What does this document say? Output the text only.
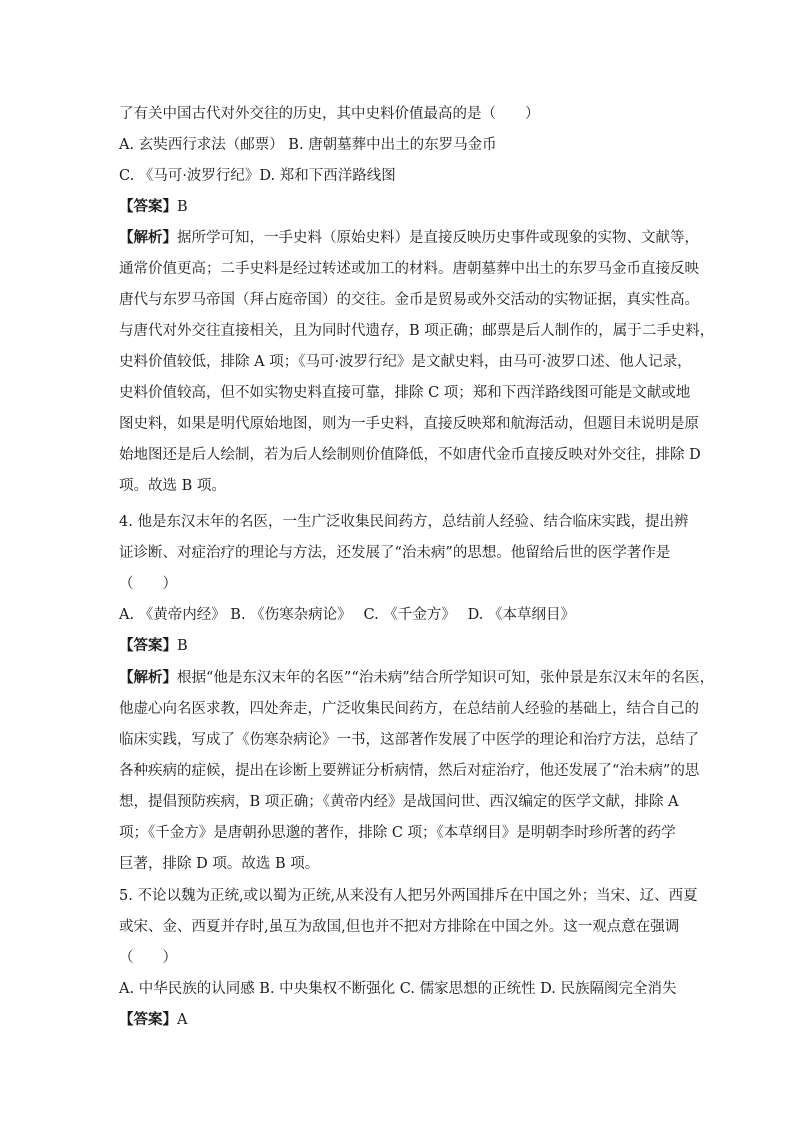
了有关中国古代对外交往的历史，其中史料价值最高的是（　　）
A. 玄奘西行求法（邮票） B. 唐朝墓葬中出土的东罗马金币
C. 《马可·波罗行纪》D. 郑和下西洋路线图
【答案】B
【解析】据所学可知，一手史料（原始史料）是直接反映历史事件或现象的实物、文献等，
通常价值更高；二手史料是经过转述或加工的材料。唐朝墓葬中出土的东罗马金币直接反映
唐代与东罗马帝国（拜占庭帝国）的交往。金币是贸易或外交活动的实物证据，真实性高。
与唐代对外交往直接相关，且为同时代遗存，B 项正确；邮票是后人制作的，属于二手史料，
史料价值较低，排除 A 项；《马可·波罗行纪》是文献史料，由马可·波罗口述、他人记录，
史料价值较高，但不如实物史料直接可靠，排除 C 项；郑和下西洋路线图可能是文献或地
图史料，如果是明代原始地图，则为一手史料，直接反映郑和航海活动，但题目未说明是原
始地图还是后人绘制，若为后人绘制则价值降低，不如唐代金币直接反映对外交往，排除 D
项。故选 B 项。
4. 他是东汉末年的名医，一生广泛收集民间药方，总结前人经验、结合临床实践，提出辨
证诊断、对症治疗的理论与方法，还发展了“治未病”的思想。他留给后世的医学著作是
（　　）
A. 《黄帝内经》 B. 《伤寒杂病论》　 C. 《千金方》　 D. 《本草纲目》
【答案】B
【解析】根据“他是东汉末年的名医”“治未病”结合所学知识可知，张仲景是东汉末年的名医，
他虚心向名医求教，四处奔走，广泛收集民间药方，在总结前人经验的基础上，结合自己的
临床实践，写成了《伤寒杂病论》一书，这部著作发展了中医学的理论和治疗方法，总结了
各种疾病的症候，提出在诊断上要辨证分析病情，然后对症治疗，他还发展了“治未病”的思
想，提倡预防疾病，B 项正确；《黄帝内经》是战国问世、西汉编定的医学文献，排除 A
项；《千金方》是唐朝孙思邈的著作，排除 C 项；《本草纲目》是明朝李时珍所著的药学
巨著，排除 D 项。故选 B 项。
5. 不论以魏为正统,或以蜀为正统,从来没有人把另外两国排斥在中国之外；当宋、辽、西夏
或宋、金、西夏并存时,虽互为敌国,但也并不把对方排除在中国之外。这一观点意在强调
（　　）
A. 中华民族的认同感 B. 中央集权不断强化 C. 儒家思想的正统性 D. 民族隔阂完全消失
【答案】A
